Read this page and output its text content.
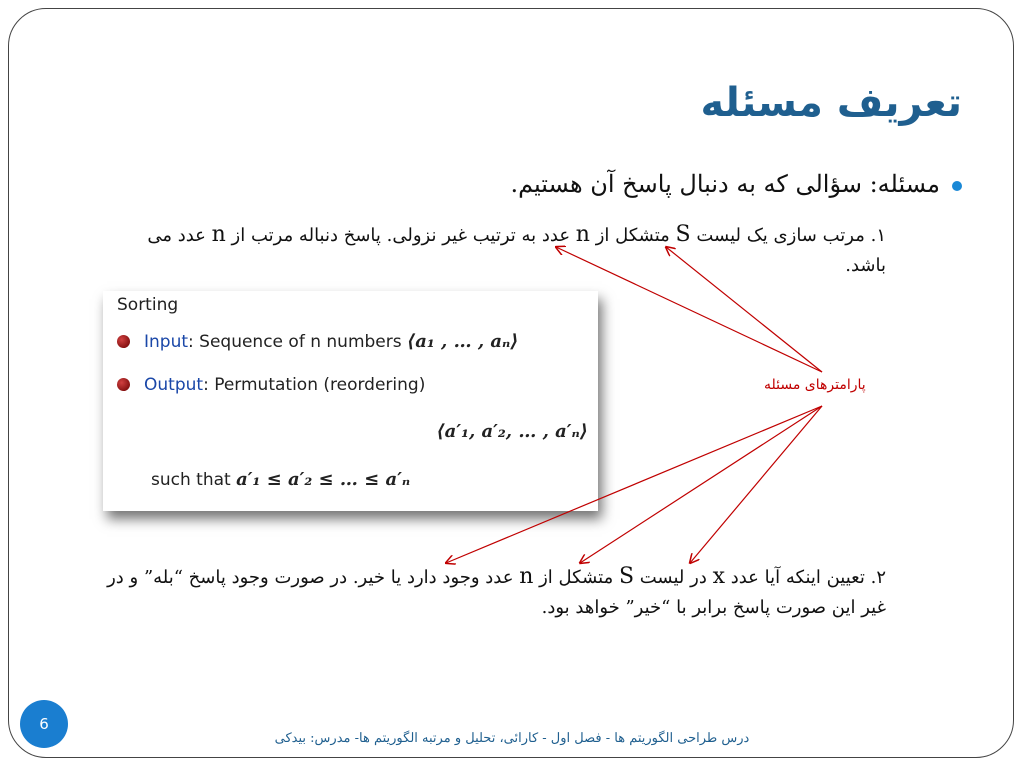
تعریف مسئله
مسئله: سؤالی که به دنبال پاسخ آن هستیم.
۱. مرتب سازی یک لیست S متشکل از n عدد به ترتیب غیر نزولی. پاسخ دنباله مرتب از n عدد می باشد.
Sorting
Input: Sequence of n numbers ⟨a₁ , … , aₙ⟩
Output: Permutation (reordering)
⟨a′₁, a′₂, … , a′ₙ⟩
such that a′₁ ≤ a′₂ ≤ … ≤ a′ₙ
پارامترهای مسئله
۲. تعیین اینکه آیا عدد x در لیست S متشکل از n عدد وجود دارد یا خیر. در صورت وجود پاسخ “بله” و در غیر این صورت پاسخ برابر با “خیر” خواهد بود.
6
درس طراحی الگوریتم ها - فصل اول - کارائی، تحلیل و مرتبه الگوریتم ها- مدرس: بیدکی
